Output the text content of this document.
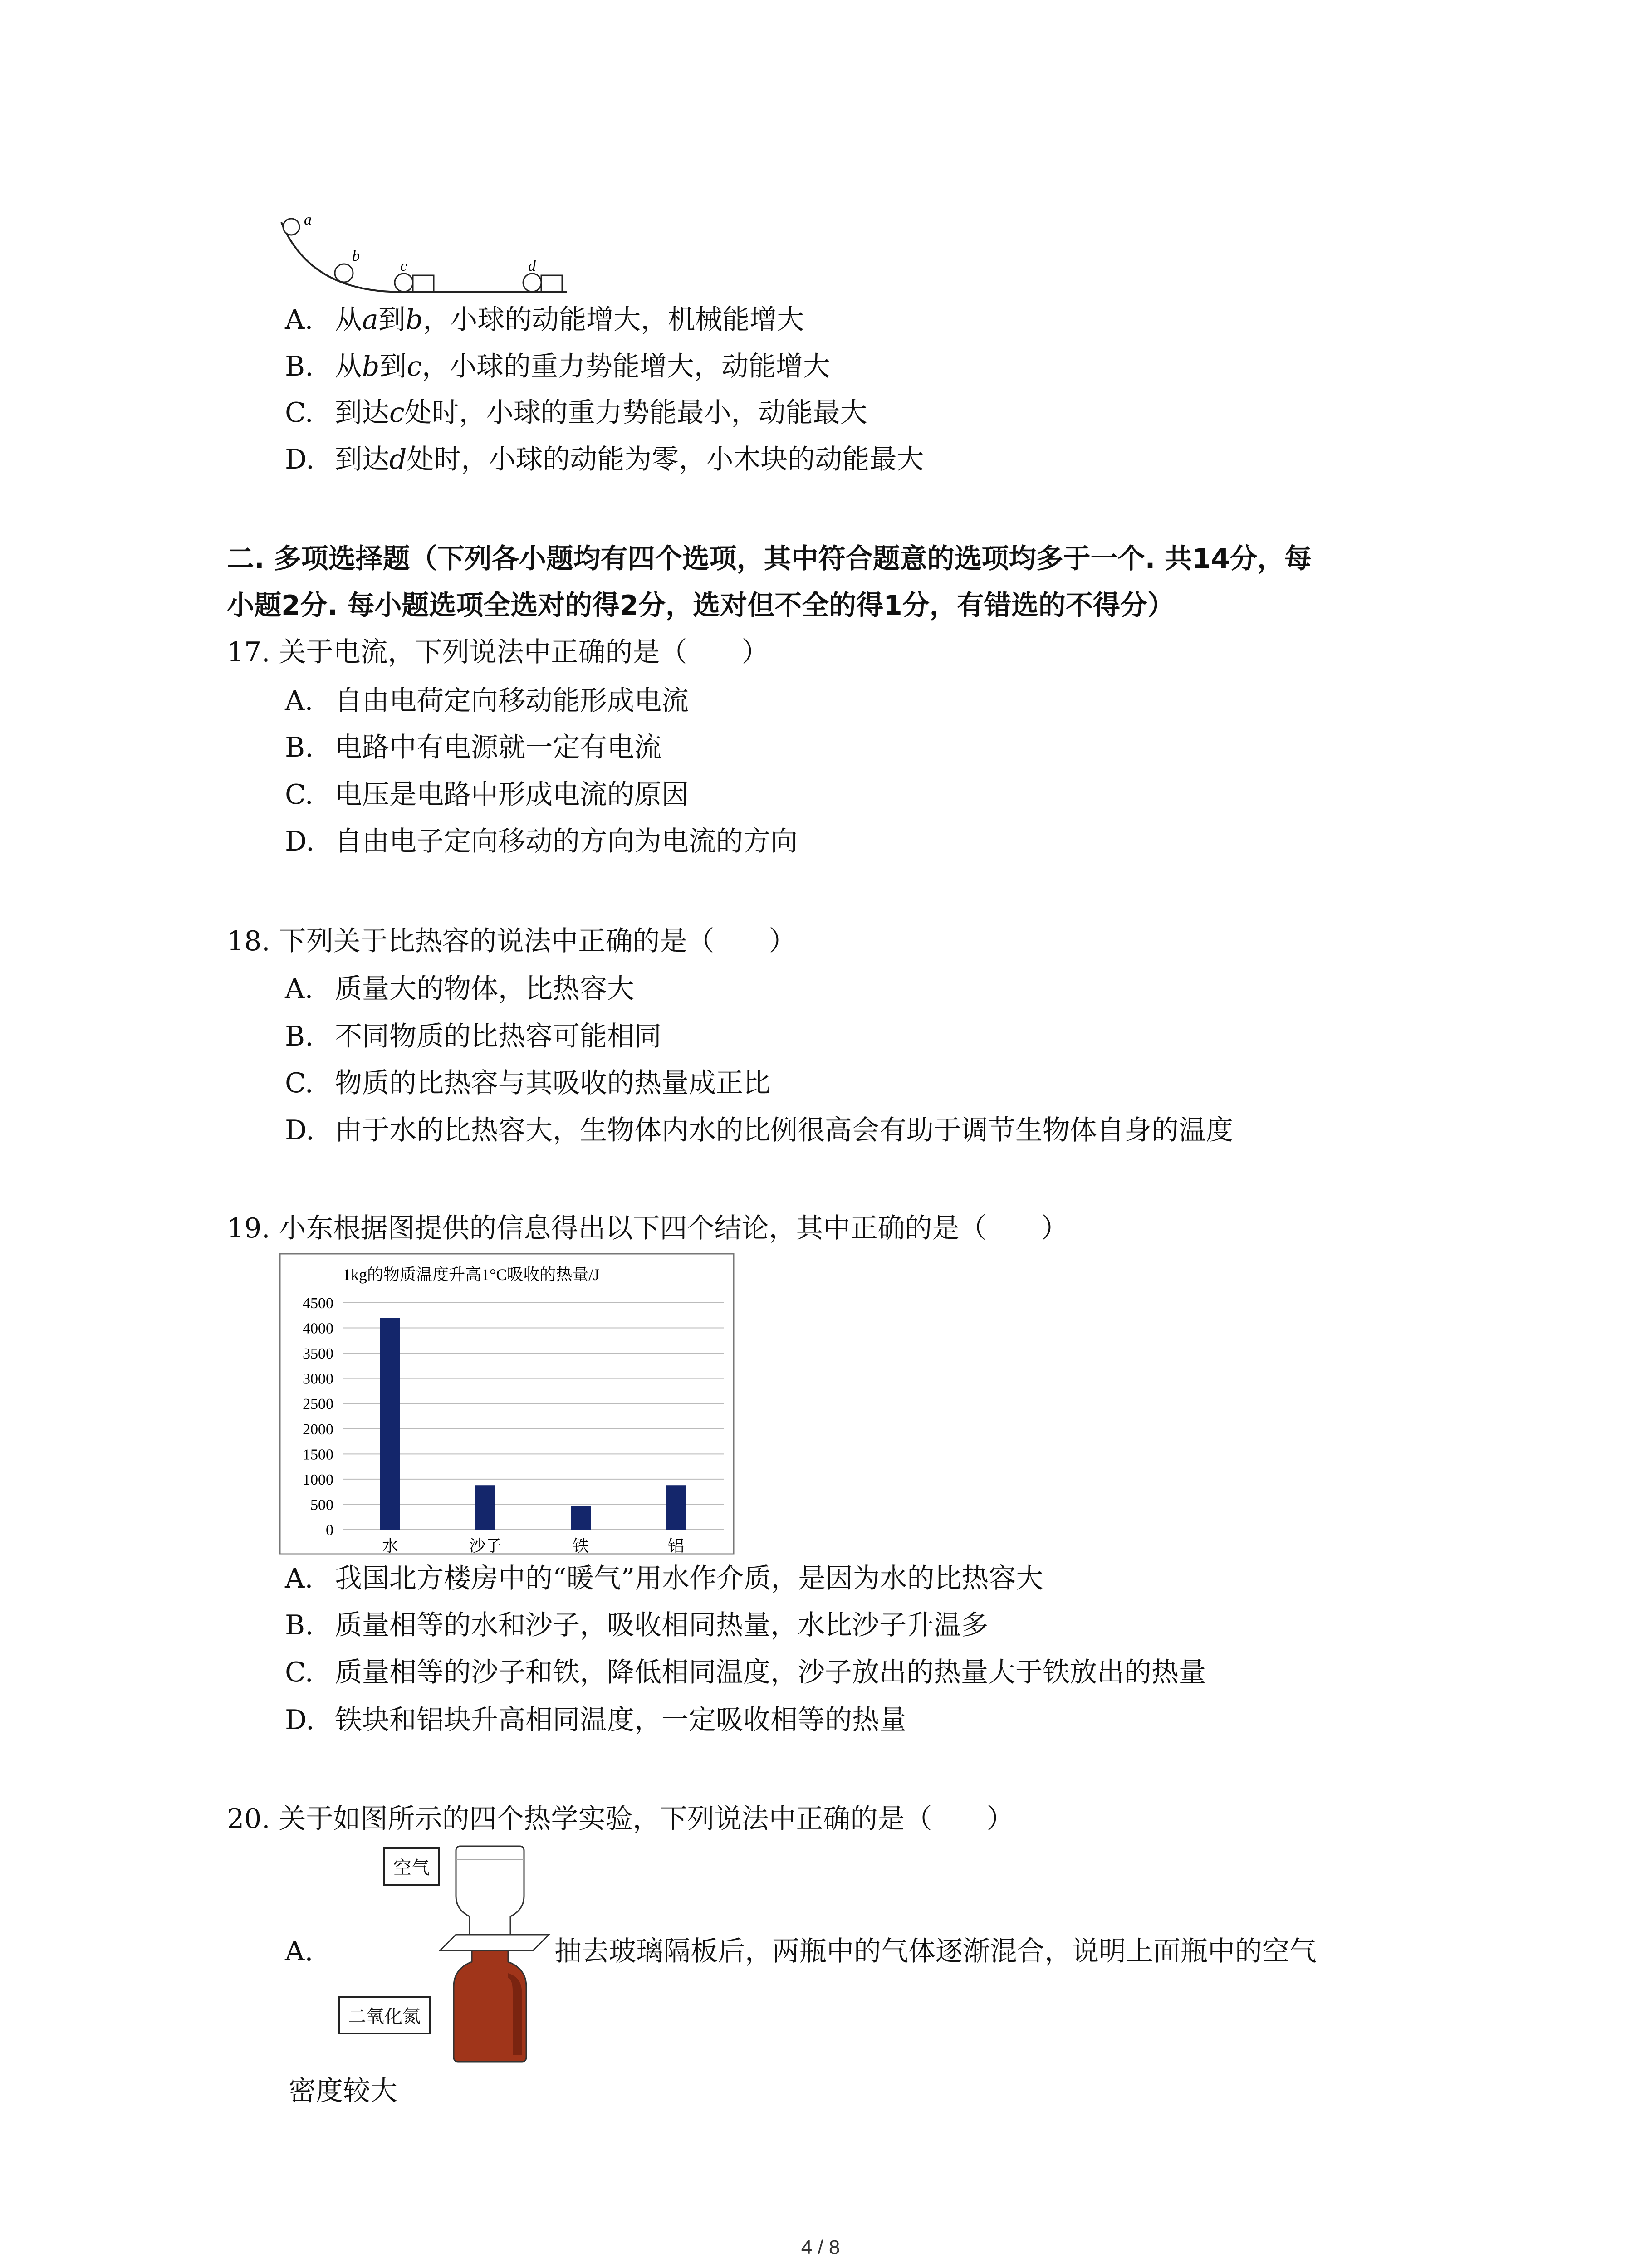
a
b
c	d
A. 从a到b，小球的动能增大，机械能增大
B. 从b到c，小球的重力势能增大，动能增大
C. 到达c处时，小球的重力势能最小，动能最大
D. 到达d处时，小球的动能为零，小木块的动能最大
二. 多项选择题（下列各小题均有四个选项，其中符合题意的选项均多于一个. 共14分，每
小题2分. 每小题选项全选对的得2分，选对但不全的得1分，有错选的不得分）
17. 关于电流，下列说法中正确的是（　　）
A. 自由电荷定向移动能形成电流
B. 电路中有电源就一定有电流
C. 电压是电路中形成电流的原因
D. 自由电子定向移动的方向为电流的方向
18. 下列关于比热容的说法中正确的是（　　）
A. 质量大的物体，比热容大
B. 不同物质的比热容可能相同
C. 物质的比热容与其吸收的热量成正比
D. 由于水的比热容大，生物体内水的比例很高会有助于调节生物体自身的温度
19. 小东根据图提供的信息得出以下四个结论，其中正确的是（　　）
1kg的物质温度升高1°C吸收的热量/J
0
500
1000
1500
2000
2500
3000
3500
4000
4500
水	沙子	铁	铝
A. 我国北方楼房中的“暖气”用水作介质，是因为水的比热容大
B. 质量相等的水和沙子，吸收相同热量，水比沙子升温多
C. 质量相等的沙子和铁，降低相同温度，沙子放出的热量大于铁放出的热量
D. 铁块和铝块升高相同温度，一定吸收相等的热量
20. 关于如图所示的四个热学实验，下列说法中正确的是（　　）
空气
二氧化氮
A.	抽去玻璃隔板后，两瓶中的气体逐渐混合，说明上面瓶中的空气
密度较大
4 / 8
